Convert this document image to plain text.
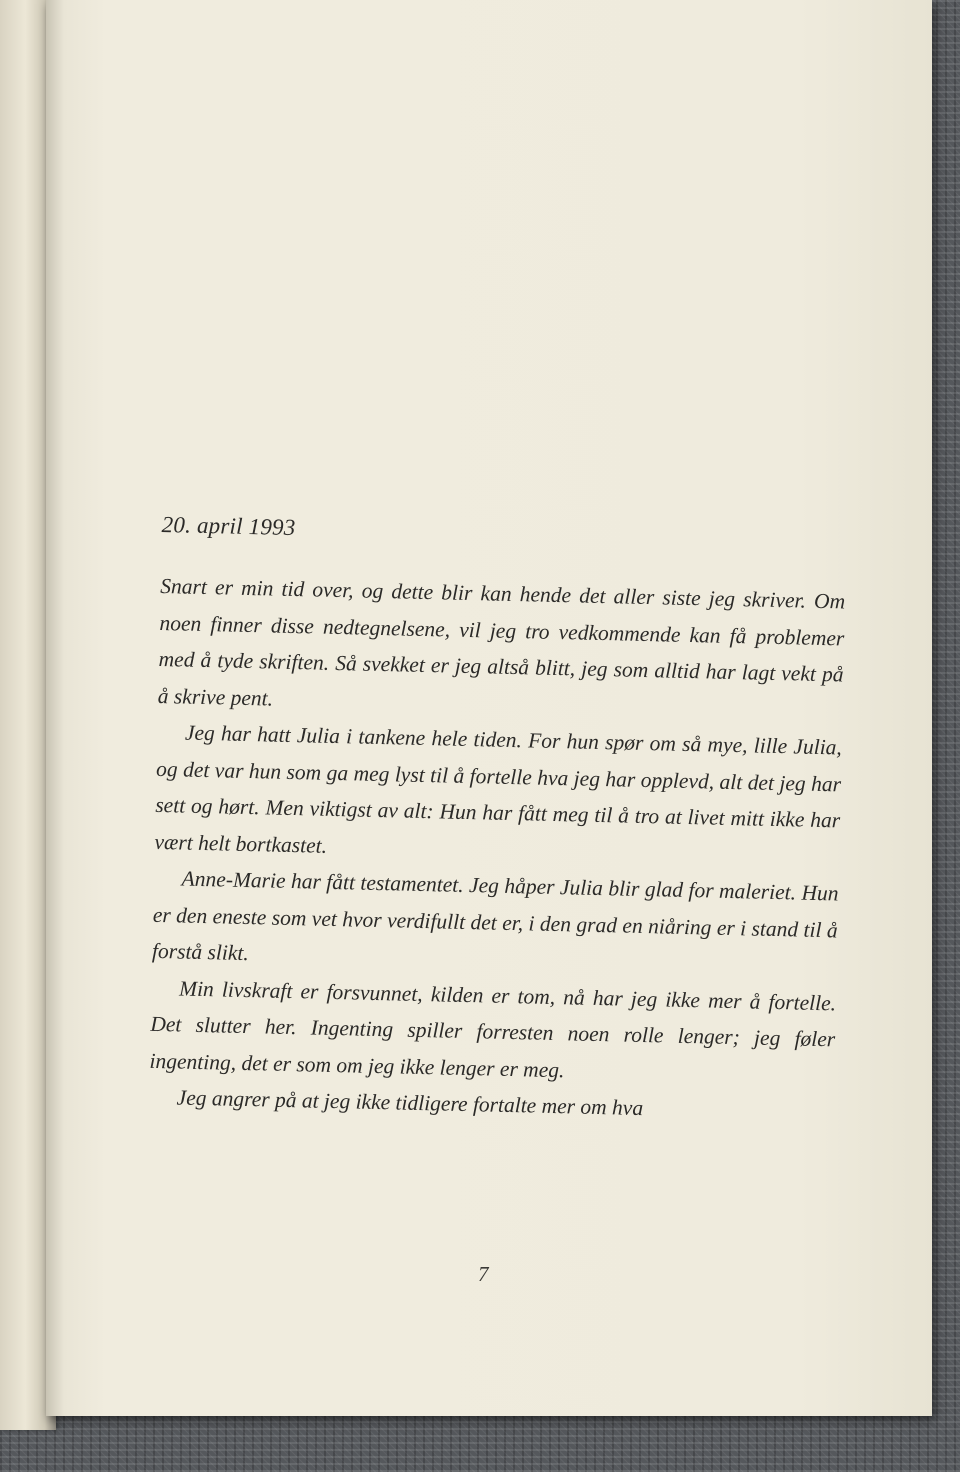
20. april 1993

Snart er min tid over, og dette blir kan hende det aller siste jeg skriver. Om noen finner disse nedtegnelsene, vil jeg tro vedkommende kan få problemer med å tyde skriften. Så svekket er jeg altså blitt, jeg som alltid har lagt vekt på å skrive pent.

Jeg har hatt Julia i tankene hele tiden. For hun spør om så mye, lille Julia, og det var hun som ga meg lyst til å fortelle hva jeg har opplevd, alt det jeg har sett og hørt. Men viktigst av alt: Hun har fått meg til å tro at livet mitt ikke har vært helt bortkastet.

Anne-Marie har fått testamentet. Jeg håper Julia blir glad for maleriet. Hun er den eneste som vet hvor verdifullt det er, i den grad en niåring er i stand til å forstå slikt.

Min livskraft er forsvunnet, kilden er tom, nå har jeg ikke mer å fortelle. Det slutter her. Ingenting spiller forresten noen rolle lenger; jeg føler ingenting, det er som om jeg ikke lenger er meg.

Jeg angrer på at jeg ikke tidligere fortalte mer om hva

7
